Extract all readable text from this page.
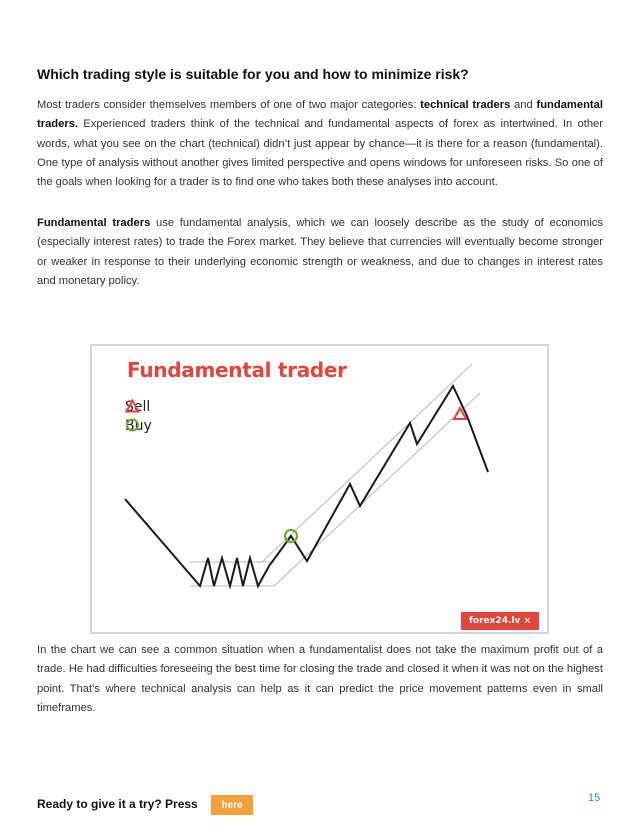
Which trading style is suitable for you and how to minimize risk?

Most traders consider themselves members of one of two major categories: technical traders and fundamental traders. Experienced traders think of the technical and fundamental aspects of forex as intertwined. In other words, what you see on the chart (technical) didn’t just appear by chance—it is there for a reason (fundamental). One type of analysis without another gives limited perspective and opens windows for unforeseen risks. So one of the goals when looking for a trader is to find one who takes both these analyses into account.

Fundamental traders use fundamental analysis, which we can loosely describe as the study of economics (especially interest rates) to trade the Forex market. They believe that currencies will eventually become stronger or weaker in response to their underlying economic strength or weakness, and due to changes in interest rates and monetary policy.

Fundamental trader
Sell
Buy
forex24.lv ×

In the chart we can see a common situation when a fundamentalist does not take the maximum profit out of a trade. He had difficulties foreseeing the best time for closing the trade and closed it when it was not on the highest point. That’s where technical analysis can help as it can predict the price movement patterns even in small timeframes.

Ready to give it a try? Press	here
15
